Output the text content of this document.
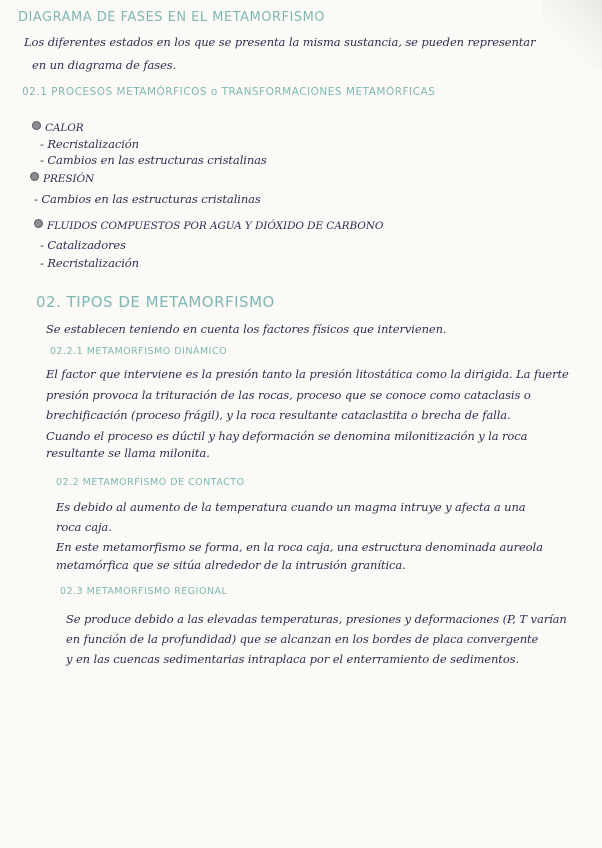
DIAGRAMA DE FASES EN EL METAMORFISMO
Los diferentes estados en los que se presenta la misma sustancia, se pueden representar
en un diagrama de fases.
02.1 PROCESOS METAMÓRFICOS o TRANSFORMACIONES METAMÓRFICAS
CALOR
- Recristalización
- Cambios en las estructuras cristalinas
PRESIÓN
- Cambios en las estructuras cristalinas
FLUIDOS COMPUESTOS POR AGUA Y DIÓXIDO DE CARBONO
- Catalizadores
- Recristalización
02. TIPOS DE METAMORFISMO
Se establecen teniendo en cuenta los factores físicos que intervienen.
02.2.1 METAMORFISMO DINÁMICO
El factor que interviene es la presión tanto la presión litostática como la dirigida. La fuerte
presión provoca la trituración de las rocas, proceso que se conoce como cataclasis o
brechificación (proceso frágil), y la roca resultante cataclastita o brecha de falla.
Cuando el proceso es dúctil y hay deformación se denomina milonitización y la roca
resultante se llama milonita.
02.2 METAMORFISMO DE CONTACTO
Es debido al aumento de la temperatura cuando un magma intruye y afecta a una
roca caja.
En este metamorfismo se forma, en la roca caja, una estructura denominada aureola
metamórfica que se sitúa alrededor de la intrusión granítica.
02.3 METAMORFISMO REGIONAL
Se produce debido a las elevadas temperaturas, presiones y deformaciones (P, T varían
en función de la profundidad) que se alcanzan en los bordes de placa convergente
y en las cuencas sedimentarias intraplaca por el enterramiento de sedimentos.
